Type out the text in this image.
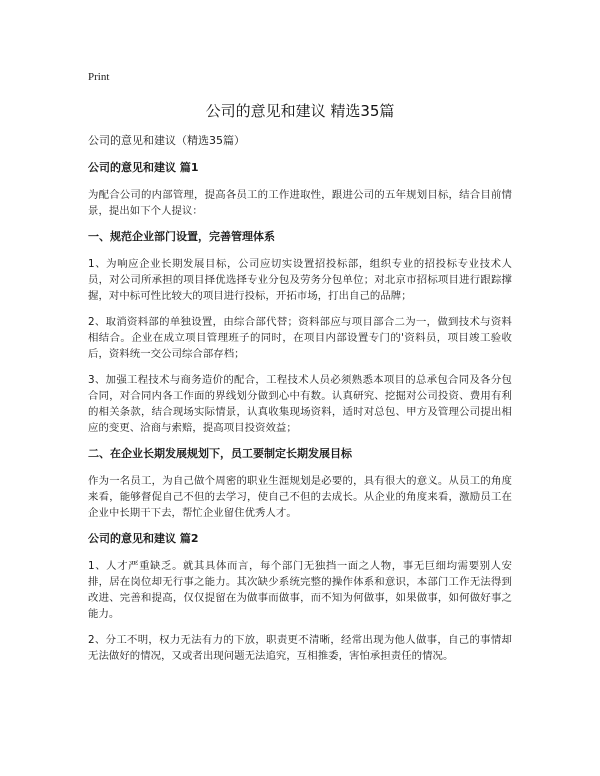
Print
公司的意见和建议 精选35篇
公司的意见和建议（精选35篇）
公司的意见和建议 篇1
为配合公司的内部管理，提高各员工的工作进取性，跟进公司的五年规划目标，结合目前情景，提出如下个人提议：
一、规范企业部门设置，完善管理体系
1、为响应企业长期发展目标，公司应切实设置招投标部，组织专业的招投标专业技术人员，对公司所承担的项目择优选择专业分包及劳务分包单位；对北京市招标项目进行跟踪撑握，对中标可性比较大的项目进行投标，开拓市场，打出自己的品牌；
2、取消资料部的单独设置，由综合部代替；资料部应与项目部合二为一，做到技术与资料相结合。企业在成立项目管理班子的同时，在项目内部设置专门的'资料员，项目竣工验收后，资料统一交公司综合部存档；
3、加强工程技术与商务造价的配合，工程技术人员必须熟悉本项目的总承包合同及各分包合同，对合同内各工作面的界线划分做到心中有数。认真研究、挖掘对公司投资、费用有利的相关条款，结合现场实际情景，认真收集现场资料，适时对总包、甲方及管理公司提出相应的变更、洽商与索赔，提高项目投资效益；
二、在企业长期发展规划下，员工要制定长期发展目标
作为一名员工，为自己做个周密的职业生涯规划是必要的，具有很大的意义。从员工的角度来看，能够督促自己不但的去学习，使自己不但的去成长。从企业的角度来看，激励员工在企业中长期干下去，帮忙企业留住优秀人才。
公司的意见和建议 篇2
1、人才严重缺乏。就其具体而言，每个部门无独挡一面之人物，事无巨细均需要别人安排，居在岗位却无行事之能力。其次缺少系统完整的操作体系和意识，本部门工作无法得到改进、完善和提高，仅仅提留在为做事而做事，而不知为何做事，如果做事，如何做好事之能力。
2、分工不明，权力无法有力的下放，职责更不清晰，经常出现为他人做事，自己的事情却无法做好的情况，又或者出现问题无法追究，互相推委，害怕承担责任的情况。
